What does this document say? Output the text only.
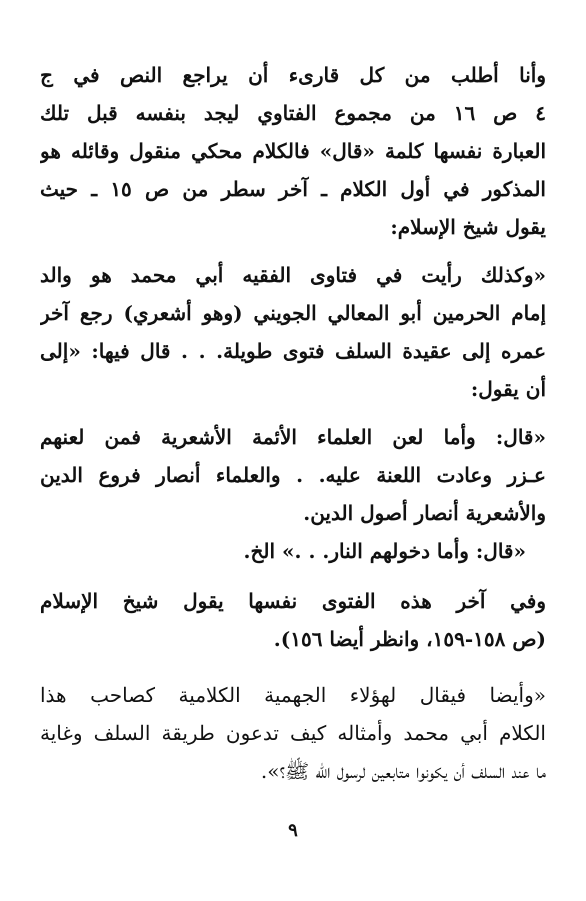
وأنا أطلب من كل قارىء أن يراجع النص في ج
٤ ص ١٦ من مجموع الفتاوي ليجد بنفسه قبل تلك
العبارة نفسها كلمة «قال» فالكلام محكي منقول وقائله هو
المذكور في أول الكلام ـ آخر سطر من ص ١٥ ـ حيث
يقول شيخ الإسلام:
«وكذلك رأيت في فتاوى الفقيه أبي محمد هو والد
إمام الحرمين أبو المعالي الجويني (وهو أشعري) رجع آخر
عمره إلى عقيدة السلف فتوى طويلة. . . قال فيها: «إلى
أن يقول:
«قال: وأما لعن العلماء الأئمة الأشعرية فمن لعنهم
عـزر وعادت اللعنة عليه. . والعلماء أنصار فروع الدين
والأشعرية أنصار أصول الدين.
«قال: وأما دخولهم النار. . .» الخ.
وفي آخر هذه الفتوى نفسها يقول شيخ الإسلام
(ص ١٥٨-١٥٩، وانظر أيضا ١٥٦).
«وأيضا فيقال لهؤلاء الجهمية الكلامية كصاحب هذا
الكلام أبي محمد وأمثاله كيف تدعون طريقة السلف وغاية
ما عند السلف أن يكونوا متابعين لرسول الله ﷺ؟».
٩
